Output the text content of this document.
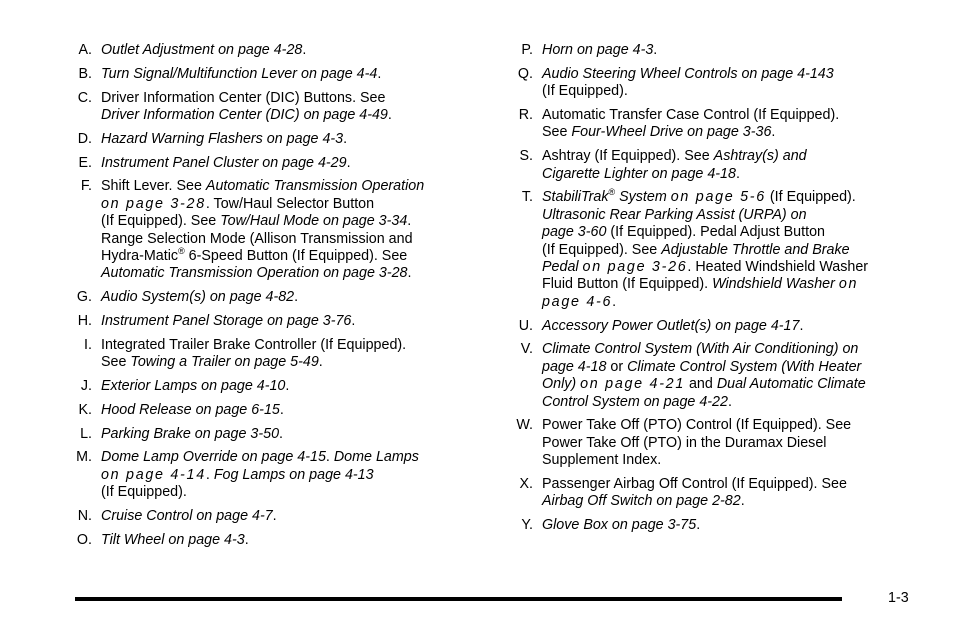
A. Outlet Adjustment on page 4-28.
B. Turn Signal/Multifunction Lever on page 4-4.
C. Driver Information Center (DIC) Buttons. See
Driver Information Center (DIC) on page 4-49.
D. Hazard Warning Flashers on page 4-3.
E. Instrument Panel Cluster on page 4-29.
F. Shift Lever. See Automatic Transmission Operation
on page 3-28. Tow/Haul Selector Button
(If Equipped). See Tow/Haul Mode on page 3-34.
Range Selection Mode (Allison Transmission and
Hydra-Matic® 6-Speed Button (If Equipped). See
Automatic Transmission Operation on page 3-28.
G. Audio System(s) on page 4-82.
H. Instrument Panel Storage on page 3-76.
I. Integrated Trailer Brake Controller (If Equipped).
See Towing a Trailer on page 5-49.
J. Exterior Lamps on page 4-10.
K. Hood Release on page 6-15.
L. Parking Brake on page 3-50.
M. Dome Lamp Override on page 4-15. Dome Lamps
on page 4-14. Fog Lamps on page 4-13
(If Equipped).
N. Cruise Control on page 4-7.
O. Tilt Wheel on page 4-3.
P. Horn on page 4-3.
Q. Audio Steering Wheel Controls on page 4-143
(If Equipped).
R. Automatic Transfer Case Control (If Equipped).
See Four-Wheel Drive on page 3-36.
S. Ashtray (If Equipped). See Ashtray(s) and
Cigarette Lighter on page 4-18.
T. StabiliTrak® System on page 5-6 (If Equipped).
Ultrasonic Rear Parking Assist (URPA) on
page 3-60 (If Equipped). Pedal Adjust Button
(If Equipped). See Adjustable Throttle and Brake
Pedal on page 3-26. Heated Windshield Washer
Fluid Button (If Equipped). Windshield Washer on
page 4-6.
U. Accessory Power Outlet(s) on page 4-17.
V. Climate Control System (With Air Conditioning) on
page 4-18 or Climate Control System (With Heater
Only) on page 4-21 and Dual Automatic Climate
Control System on page 4-22.
W. Power Take Off (PTO) Control (If Equipped). See
Power Take Off (PTO) in the Duramax Diesel
Supplement Index.
X. Passenger Airbag Off Control (If Equipped). See
Airbag Off Switch on page 2-82.
Y. Glove Box on page 3-75.
1-3
